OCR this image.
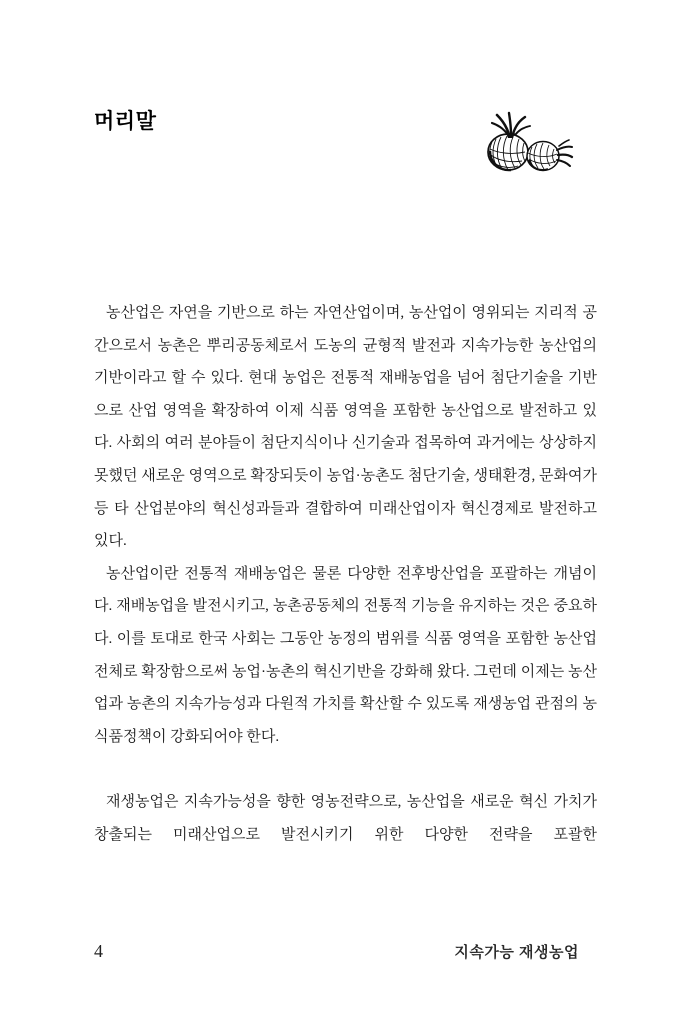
머리말

농산업은 자연을 기반으로 하는 자연산업이며, 농산업이 영위되는 지리적 공간으로서 농촌은 뿌리공동체로서 도농의 균형적 발전과 지속가능한 농산업의 기반이라고 할 수 있다. 현대 농업은 전통적 재배농업을 넘어 첨단기술을 기반으로 산업 영역을 확장하여 이제 식품 영역을 포함한 농산업으로 발전하고 있다. 사회의 여러 분야들이 첨단지식이나 신기술과 접목하여 과거에는 상상하지 못했던 새로운 영역으로 확장되듯이 농업·농촌도 첨단기술, 생태환경, 문화여가 등 타 산업분야의 혁신성과들과 결합하여 미래산업이자 혁신경제로 발전하고 있다.

농산업이란 전통적 재배농업은 물론 다양한 전후방산업을 포괄하는 개념이다. 재배농업을 발전시키고, 농촌공동체의 전통적 기능을 유지하는 것은 중요하다. 이를 토대로 한국 사회는 그동안 농정의 범위를 식품 영역을 포함한 농산업 전체로 확장함으로써 농업·농촌의 혁신기반을 강화해 왔다. 그런데 이제는 농산업과 농촌의 지속가능성과 다원적 가치를 확산할 수 있도록 재생농업 관점의 농식품정책이 강화되어야 한다.

재생농업은 지속가능성을 향한 영농전략으로, 농산업을 새로운 혁신 가치가 창출되는 미래산업으로 발전시키기 위한 다양한 전략을 포괄한

4	지속가능 재생농업
